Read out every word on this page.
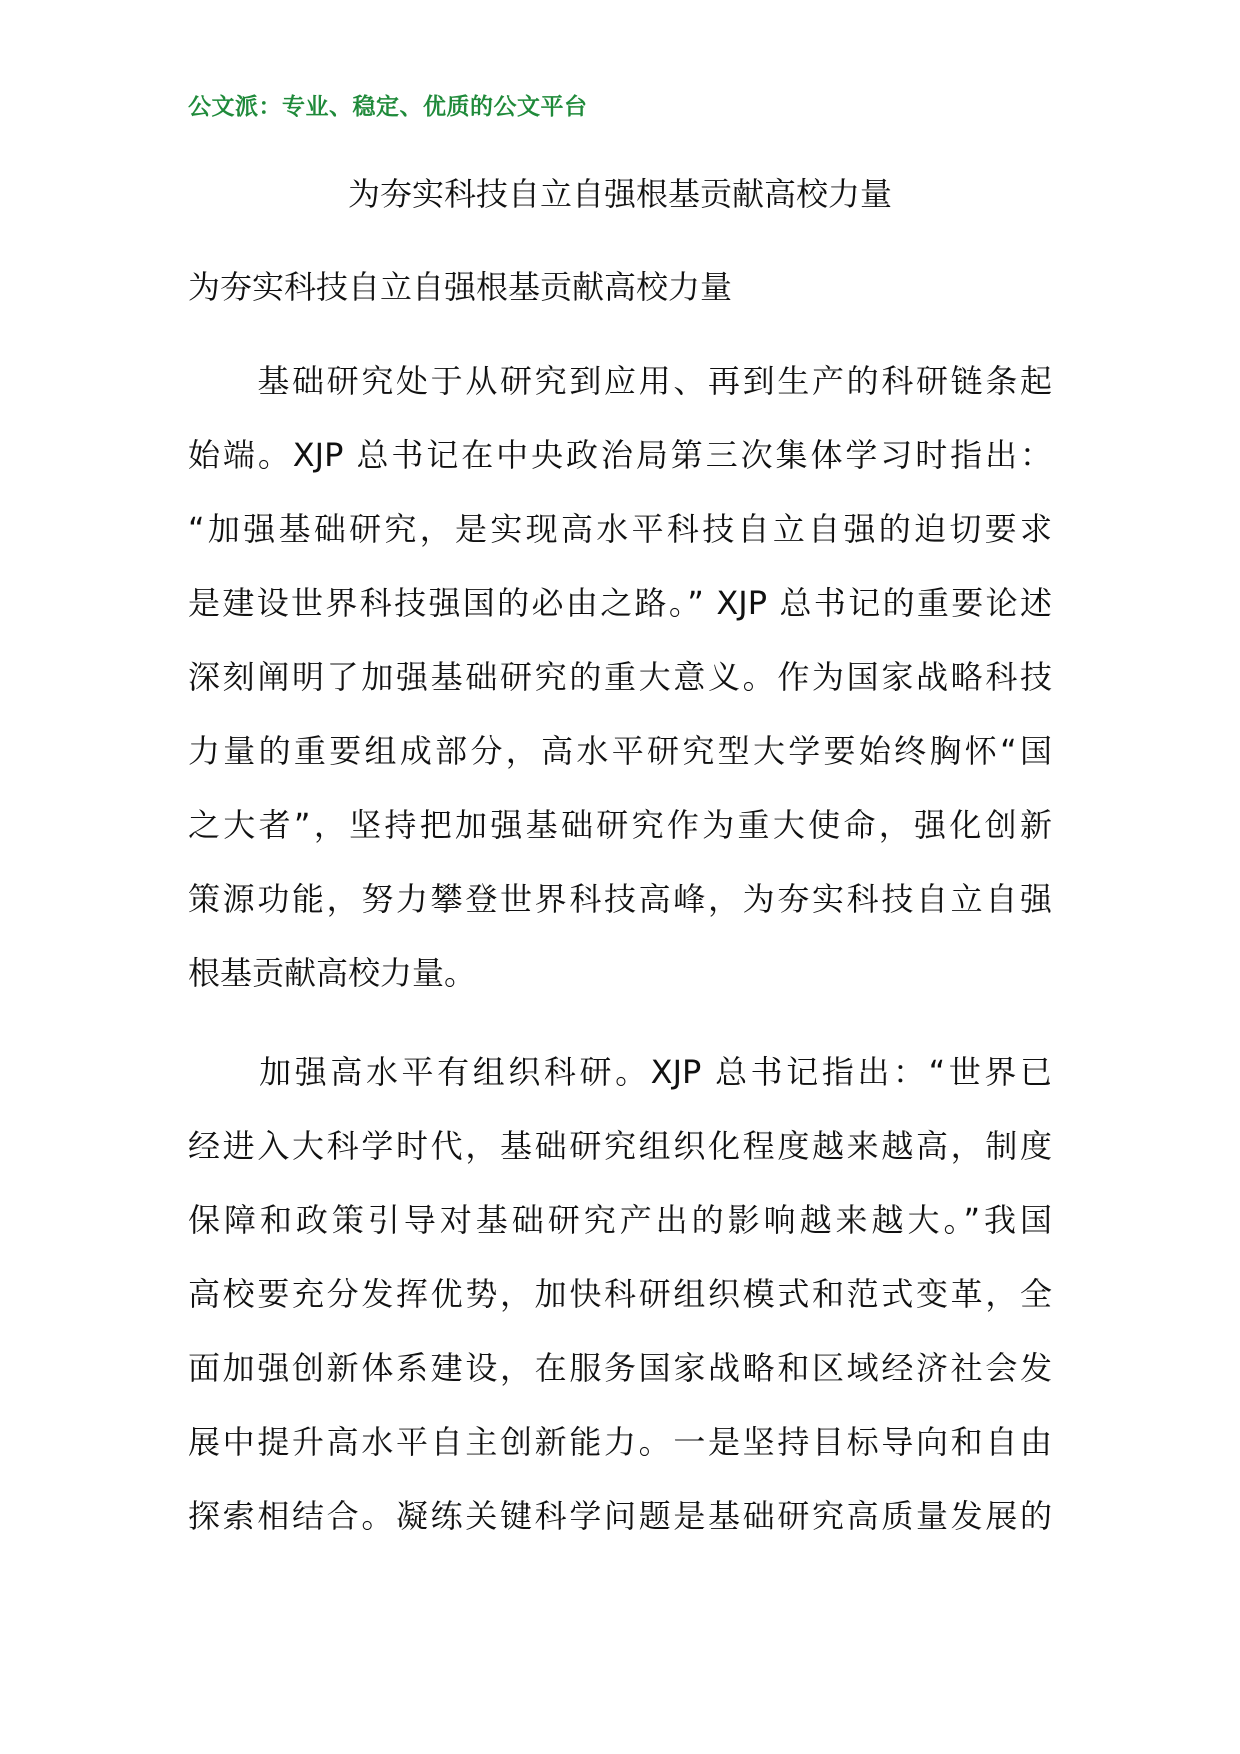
公文派：专业、稳定、优质的公文平台
为夯实科技自立自强根基贡献高校力量
为夯实科技自立自强根基贡献高校力量
　　基础研究处于从研究到应用、再到生产的科研链条起
始端。XJP 总书记在中央政治局第三次集体学习时指出：
“加强基础研究，是实现高水平科技自立自强的迫切要求
是建设世界科技强国的必由之路。” XJP 总书记的重要论述
深刻阐明了加强基础研究的重大意义。作为国家战略科技
力量的重要组成部分，高水平研究型大学要始终胸怀“国
之大者”，坚持把加强基础研究作为重大使命，强化创新
策源功能，努力攀登世界科技高峰，为夯实科技自立自强
根基贡献高校力量。
　　加强高水平有组织科研。XJP 总书记指出：“世界已
经进入大科学时代，基础研究组织化程度越来越高，制度
保障和政策引导对基础研究产出的影响越来越大。”我国
高校要充分发挥优势，加快科研组织模式和范式变革，全
面加强创新体系建设，在服务国家战略和区域经济社会发
展中提升高水平自主创新能力。一是坚持目标导向和自由
探索相结合。凝练关键科学问题是基础研究高质量发展的
